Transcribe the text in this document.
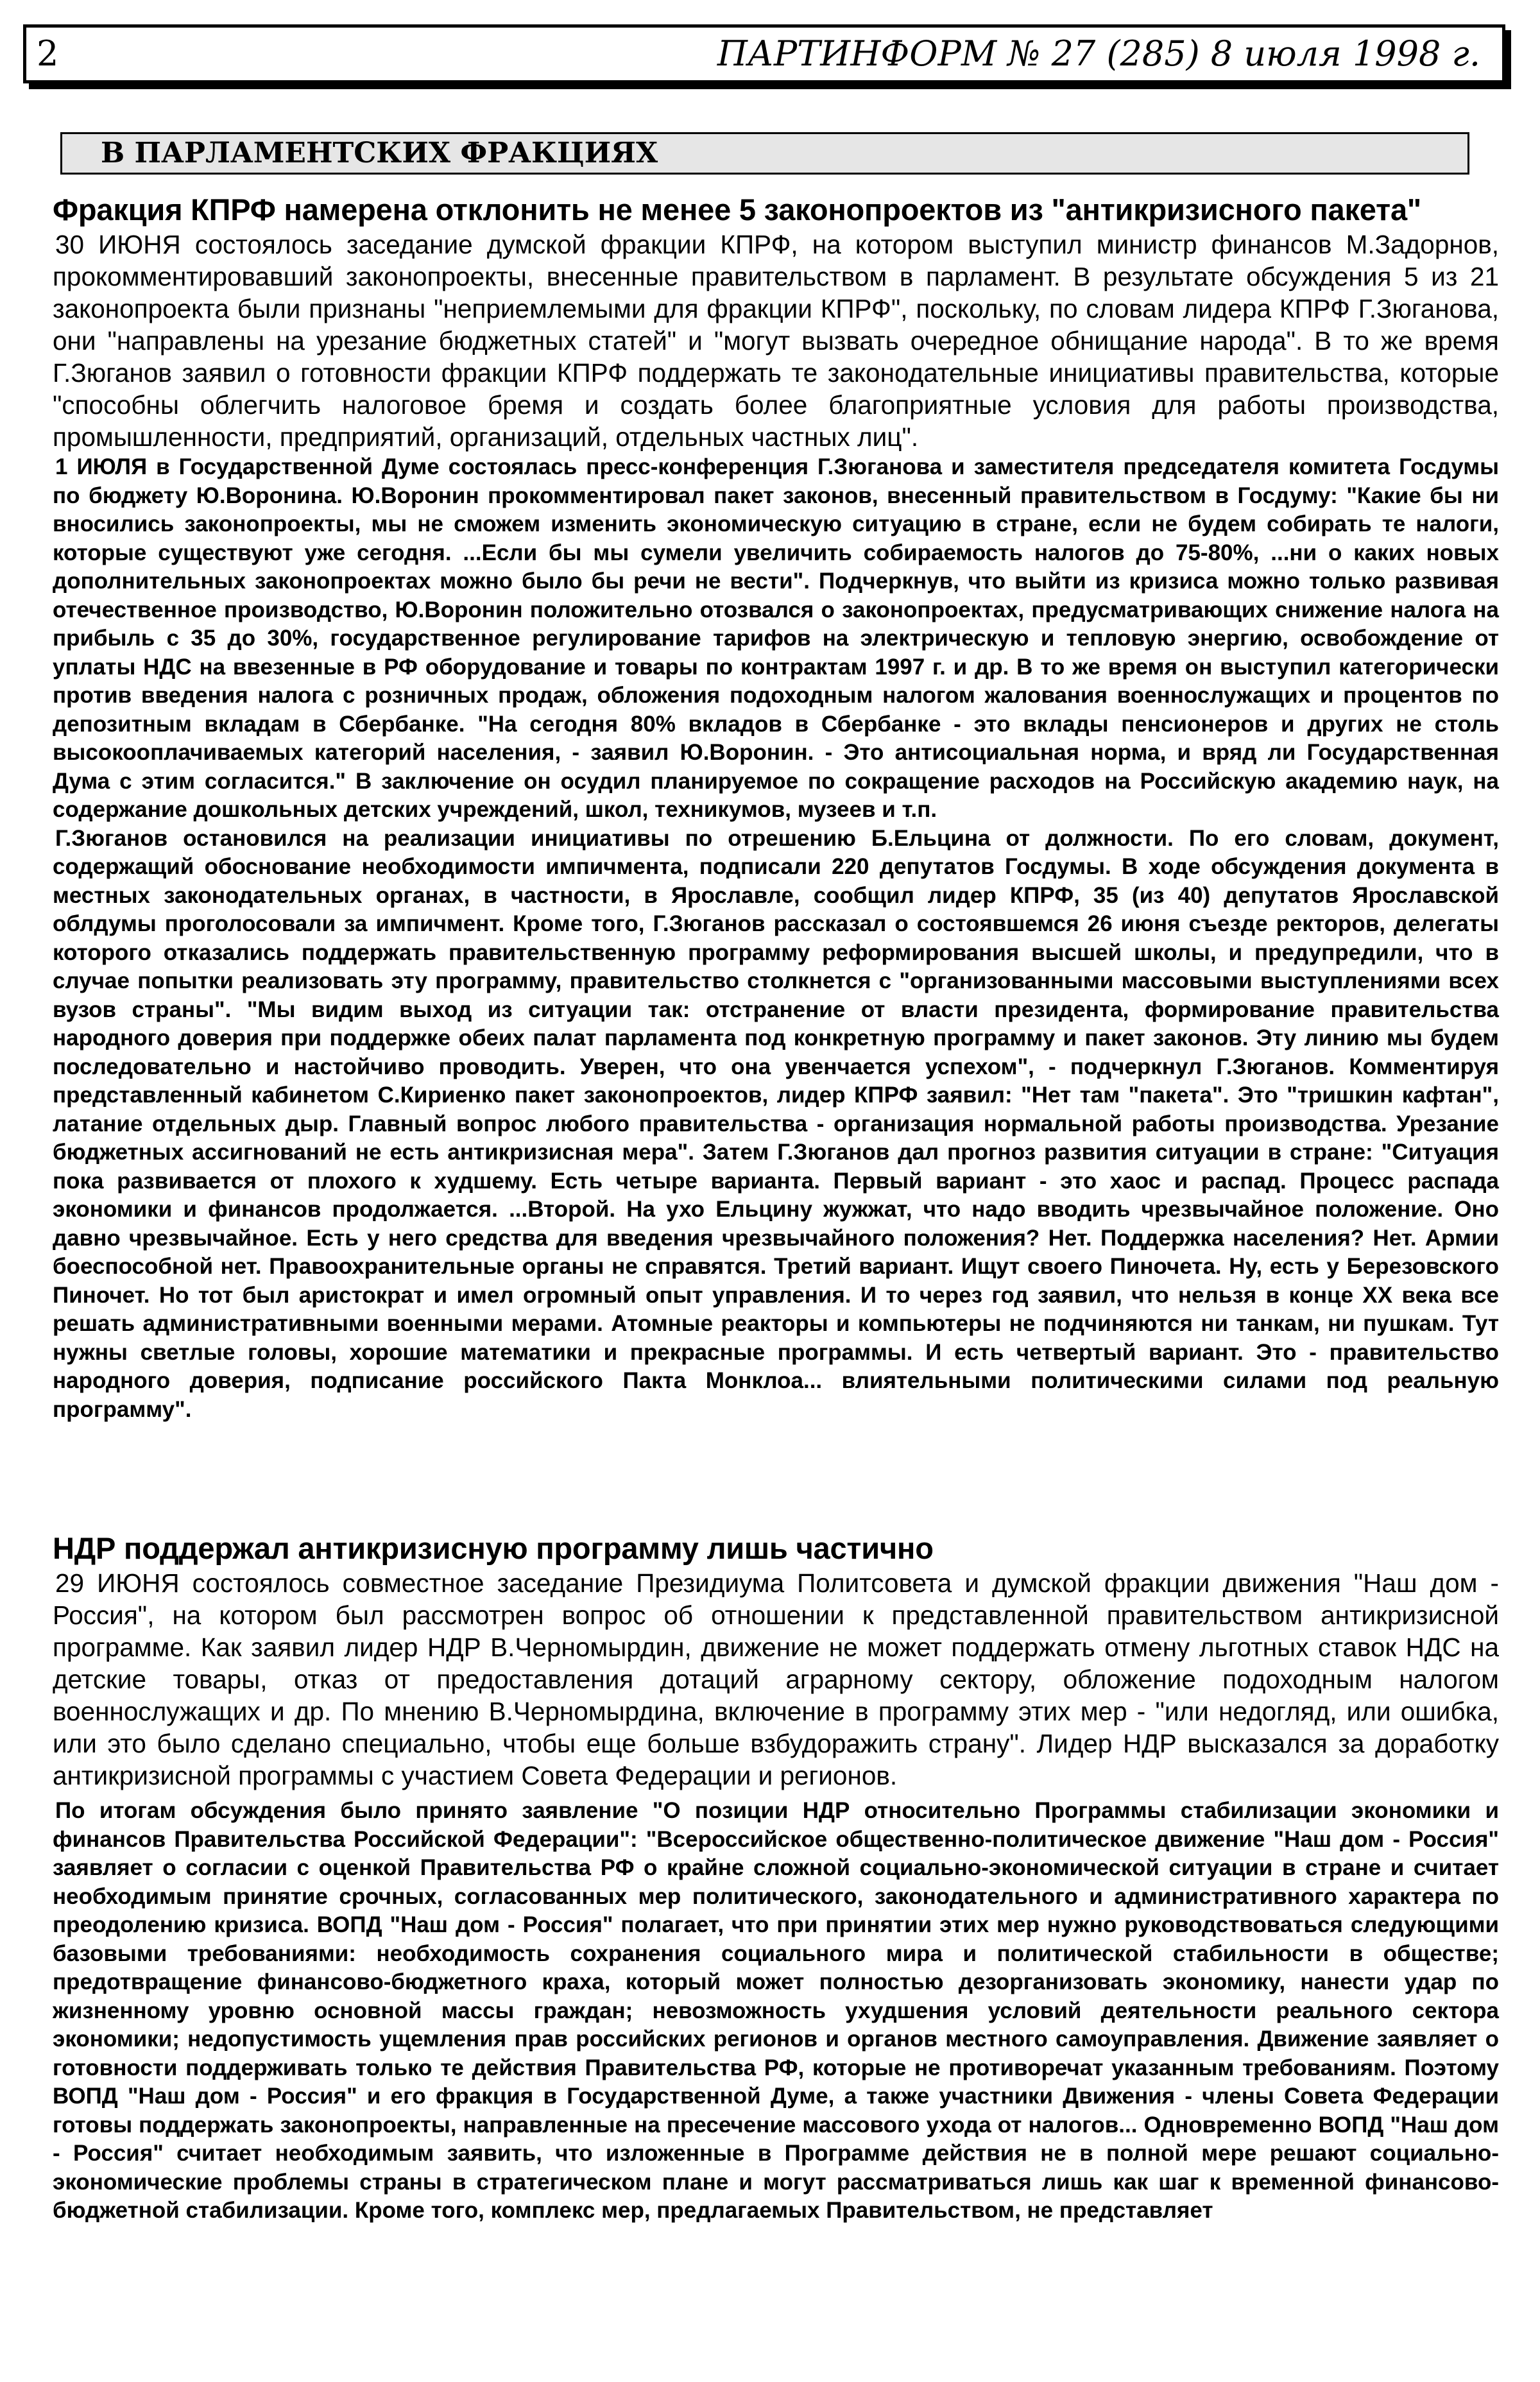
2	ПАРТИНФОРМ № 27 (285) 8 июля 1998 г.
В ПАРЛАМЕНТСКИХ ФРАКЦИЯХ
Фракция КПРФ намерена отклонить не менее 5 законопроектов из "антикризисного пакета"

30 ИЮНЯ состоялось заседание думской фракции КПРФ, на котором выступил министр финансов М.Задорнов, прокомментировавший законопроекты, внесенные правительством в парламент. В результате обсуждения 5 из 21 законопроекта были признаны "неприемлемыми для фракции КПРФ", поскольку, по словам лидера КПРФ Г.Зюганова, они "направлены на урезание бюджетных статей" и "могут вызвать очередное обнищание народа". В то же время Г.Зюганов заявил о готовности фракции КПРФ поддержать те законодательные инициативы правительства, которые "способны облегчить налоговое бремя и создать более благоприятные условия для работы производства, промышленности, предприятий, организаций, отдельных частных лиц".

1 ИЮЛЯ в Государственной Думе состоялась пресс-конференция Г.Зюганова и заместителя председателя комитета Госдумы по бюджету Ю.Воронина. Ю.Воронин прокомментировал пакет законов, внесенный правительством в Госдуму: "Какие бы ни вносились законопроекты, мы не сможем изменить экономическую ситуацию в стране, если не будем собирать те налоги, которые существуют уже сегодня. ...Если бы мы сумели увеличить собираемость налогов до 75-80%, ...ни о каких новых дополнительных законопроектах можно было бы речи не вести". Подчеркнув, что выйти из кризиса можно только развивая отечественное производство, Ю.Воронин положительно отозвался о законопроектах, предусматривающих снижение налога на прибыль с 35 до 30%, государственное регулирование тарифов на электрическую и тепловую энергию, освобождение от уплаты НДС на ввезенные в РФ оборудование и товары по контрактам 1997 г. и др. В то же время он выступил категорически против введения налога с розничных продаж, обложения подоходным налогом жалования военнослужащих и процентов по депозитным вкладам в Сбербанке. "На сегодня 80% вкладов в Сбербанке - это вклады пенсионеров и других не столь высокооплачиваемых категорий населения, - заявил Ю.Воронин. - Это антисоциальная норма, и вряд ли Государственная Дума с этим согласится." В заключение он осудил планируемое по сокращение расходов на Российскую академию наук, на содержание дошкольных детских учреждений, школ, техникумов, музеев и т.п.

Г.Зюганов остановился на реализации инициативы по отрешению Б.Ельцина от должности. По его словам, документ, содержащий обоснование необходимости импичмента, подписали 220 депутатов Госдумы. В ходе обсуждения документа в местных законодательных органах, в частности, в Ярославле, сообщил лидер КПРФ, 35 (из 40) депутатов Ярославской облдумы проголосовали за импичмент. Кроме того, Г.Зюганов рассказал о состоявшемся 26 июня съезде ректоров, делегаты которого отказались поддержать правительственную программу реформирования высшей школы, и предупредили, что в случае попытки реализовать эту программу, правительство столкнется с "организованными массовыми выступлениями всех вузов страны". "Мы видим выход из ситуации так: отстранение от власти президента, формирование правительства народного доверия при поддержке обеих палат парламента под конкретную программу и пакет законов. Эту линию мы будем последовательно и настойчиво проводить. Уверен, что она увенчается успехом", - подчеркнул Г.Зюганов. Комментируя представленный кабинетом С.Кириенко пакет законопроектов, лидер КПРФ заявил: "Нет там "пакета". Это "тришкин кафтан", латание отдельных дыр. Главный вопрос любого правительства - организация нормальной работы производства. Урезание бюджетных ассигнований не есть антикризисная мера". Затем Г.Зюганов дал прогноз развития ситуации в стране: "Ситуация пока развивается от плохого к худшему. Есть четыре варианта. Первый вариант - это хаос и распад. Процесс распада экономики и финансов продолжается. ...Второй. На ухо Ельцину жужжат, что надо вводить чрезвычайное положение. Оно давно чрезвычайное. Есть у него средства для введения чрезвычайного положения? Нет. Поддержка населения? Нет. Армии боеспособной нет. Правоохранительные органы не справятся. Третий вариант. Ищут своего Пиночета. Ну, есть у Березовского Пиночет. Но тот был аристократ и имел огромный опыт управления. И то через год заявил, что нельзя в конце XX века все решать административными военными мерами. Атомные реакторы и компьютеры не подчиняются ни танкам, ни пушкам. Тут нужны светлые головы, хорошие математики и прекрасные программы. И есть четвертый вариант. Это - правительство народного доверия, подписание российского Пакта Монклоа... влиятельными политическими силами под реальную программу".

НДР поддержал антикризисную программу лишь частично

29 ИЮНЯ состоялось совместное заседание Президиума Политсовета и думской фракции движения "Наш дом - Россия", на котором был рассмотрен вопрос об отношении к представленной правительством антикризисной программе. Как заявил лидер НДР В.Черномырдин, движение не может поддержать отмену льготных ставок НДС на детские товары, отказ от предоставления дотаций аграрному сектору, обложение подоходным налогом военнослужащих и др. По мнению В.Черномырдина, включение в программу этих мер - "или недогляд, или ошибка, или это было сделано специально, чтобы еще больше взбудоражить страну". Лидер НДР высказался за доработку антикризисной программы с участием Совета Федерации и регионов.

По итогам обсуждения было принято заявление "О позиции НДР относительно Программы стабилизации экономики и финансов Правительства Российской Федерации": "Всероссийское общественно-политическое движение "Наш дом - Россия" заявляет о согласии с оценкой Правительства РФ о крайне сложной социально-экономической ситуации в стране и считает необходимым принятие срочных, согласованных мер политического, законодательного и административного характера по преодолению кризиса. ВОПД "Наш дом - Россия" полагает, что при принятии этих мер нужно руководствоваться следующими базовыми требованиями: необходимость сохранения социального мира и политической стабильности в обществе; предотвращение финансово-бюджетного краха, который может полностью дезорганизовать экономику, нанести удар по жизненному уровню основной массы граждан; невозможность ухудшения условий деятельности реального сектора экономики; недопустимость ущемления прав российских регионов и органов местного самоуправления. Движение заявляет о готовности поддерживать только те действия Правительства РФ, которые не противоречат указанным требованиям. Поэтому ВОПД "Наш дом - Россия" и его фракция в Государственной Думе, а также участники Движения - члены Совета Федерации готовы поддержать законопроекты, направленные на пресечение массового ухода от налогов... Одновременно ВОПД "Наш дом - Россия" считает необходимым заявить, что изложенные в Программе действия не в полной мере решают социально-экономические проблемы страны в стратегическом плане и могут рассматриваться лишь как шаг к временной финансово-бюджетной стабилизации. Кроме того, комплекс мер, предлагаемых Правительством, не представляет
